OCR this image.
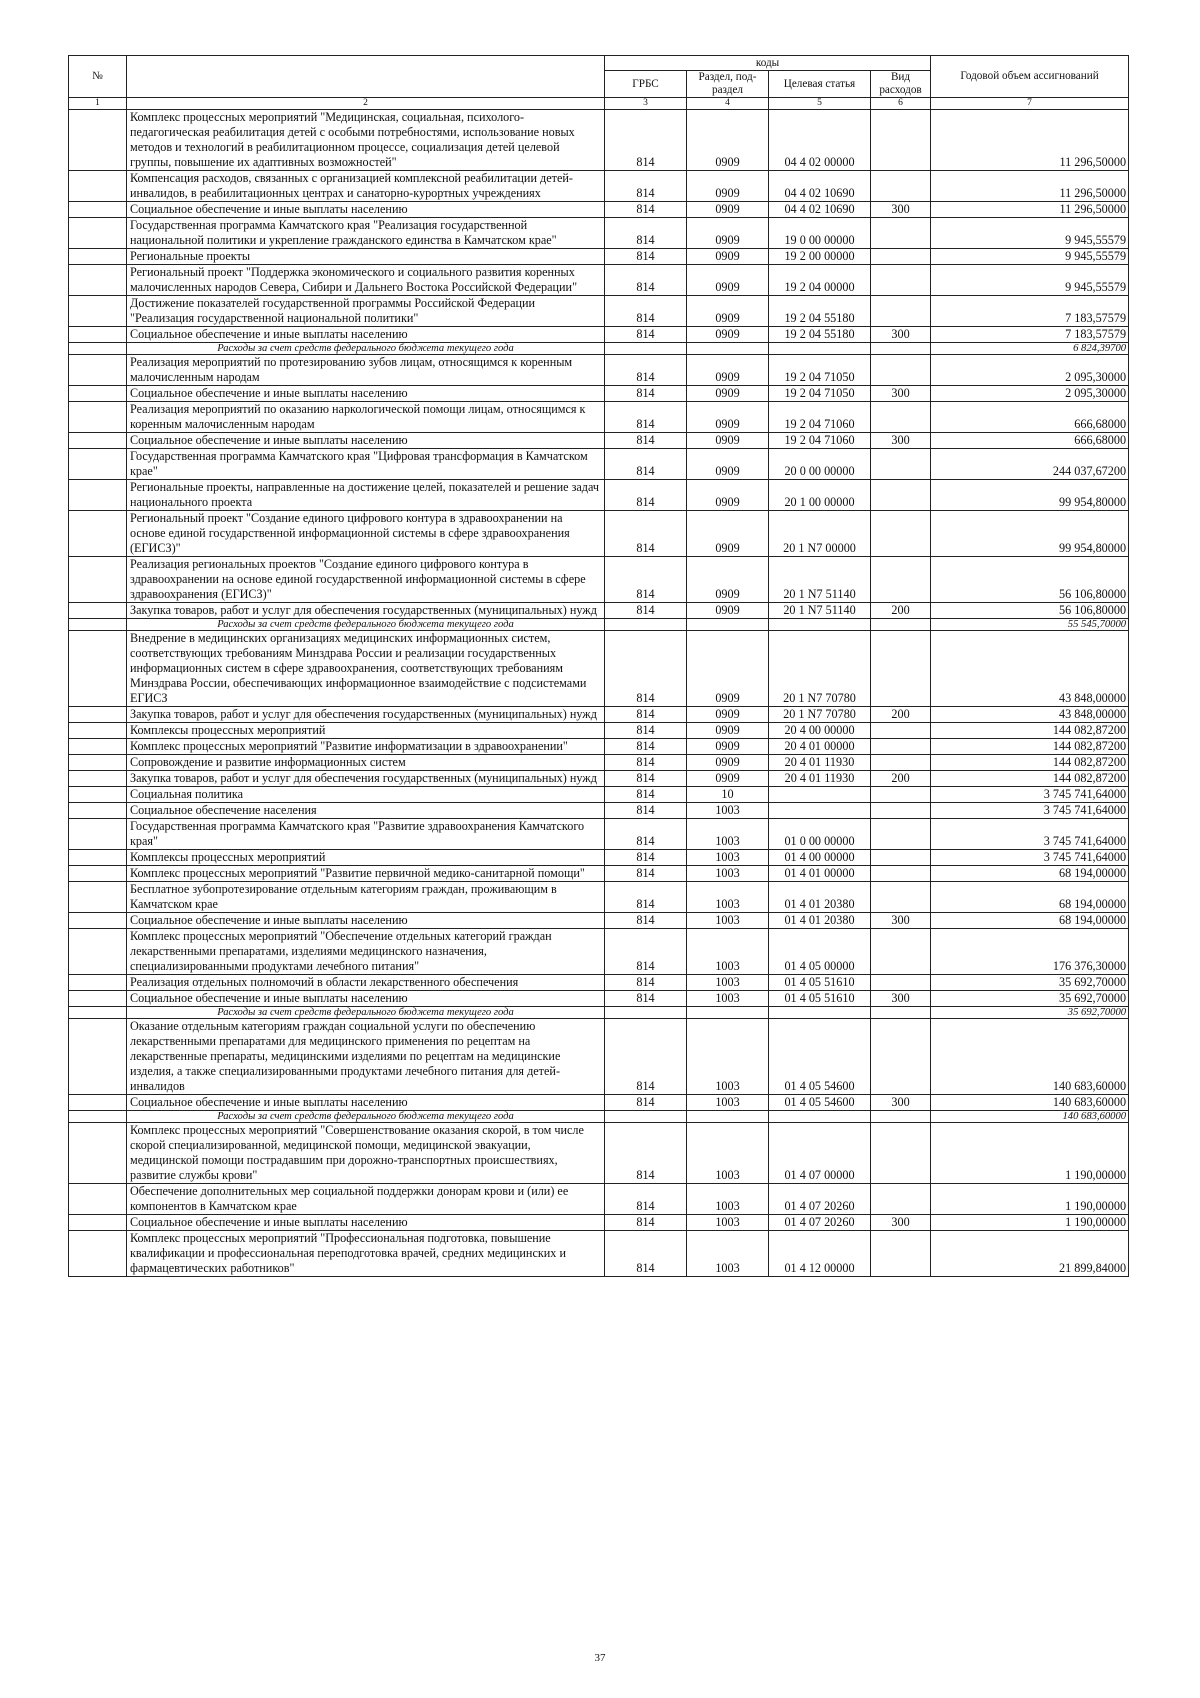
№		коды				Годовой объем ассигнований
		ГРБС	Раздел, под-раздел	Целевая статья	Вид расходов	
1	2	3	4	5	6	7
	Комплекс процессных мероприятий "Медицинская, социальная, психолого-педагогическая реабилитация детей с особыми потребностями, использование новых методов и технологий в реабилитационном процессе, социализация детей целевой группы, повышение их адаптивных возможностей"	814	0909	04 4 02 00000		11 296,50000
	Компенсация расходов, связанных с организацией комплексной реабилитации детей-инвалидов, в реабилитационных центрах и санаторно-курортных учреждениях	814	0909	04 4 02 10690		11 296,50000
	Социальное обеспечение и иные выплаты населению	814	0909	04 4 02 10690	300	11 296,50000
	Государственная программа Камчатского края "Реализация государственной национальной политики и укрепление гражданского единства в Камчатском крае"	814	0909	19 0 00 00000		9 945,55579
	Региональные проекты	814	0909	19 2 00 00000		9 945,55579
	Региональный проект "Поддержка экономического и социального развития коренных малочисленных народов Севера, Сибири и Дальнего Востока Российской Федерации"	814	0909	19 2 04 00000		9 945,55579
	Достижение показателей государственной программы Российской Федерации "Реализация государственной национальной политики"	814	0909	19 2 04 55180		7 183,57579
	Социальное обеспечение и иные выплаты населению	814	0909	19 2 04 55180	300	7 183,57579
	Расходы за счет средств федерального бюджета текущего года					6 824,39700
	Реализация мероприятий по протезированию зубов лицам, относящимся к коренным малочисленным народам	814	0909	19 2 04 71050		2 095,30000
	Социальное обеспечение и иные выплаты населению	814	0909	19 2 04 71050	300	2 095,30000
	Реализация мероприятий по оказанию наркологической помощи лицам, относящимся к коренным малочисленным народам	814	0909	19 2 04 71060		666,68000
	Социальное обеспечение и иные выплаты населению	814	0909	19 2 04 71060	300	666,68000
	Государственная программа Камчатского края "Цифровая трансформация в Камчатском крае"	814	0909	20 0 00 00000		244 037,67200
	Региональные проекты, направленные на достижение целей, показателей и решение задач национального проекта	814	0909	20 1 00 00000		99 954,80000
	Региональный проект "Создание единого цифрового контура в здравоохранении на основе единой государственной информационной системы в сфере здравоохранения (ЕГИСЗ)"	814	0909	20 1 N7 00000		99 954,80000
	Реализация региональных проектов "Создание единого цифрового контура в здравоохранении на основе единой государственной информационной системы в сфере здравоохранения (ЕГИСЗ)"	814	0909	20 1 N7 51140		56 106,80000
	Закупка товаров, работ и услуг для обеспечения государственных (муниципальных) нужд	814	0909	20 1 N7 51140	200	56 106,80000
	Расходы за счет средств федерального бюджета текущего года					55 545,70000
	Внедрение в медицинских организациях медицинских информационных систем, соответствующих требованиям Минздрава России и реализации государственных информационных систем в сфере здравоохранения, соответствующих требованиям Минздрава России, обеспечивающих информационное взаимодействие с подсистемами ЕГИСЗ	814	0909	20 1 N7 70780		43 848,00000
	Закупка товаров, работ и услуг для обеспечения государственных (муниципальных) нужд	814	0909	20 1 N7 70780	200	43 848,00000
	Комплексы процессных мероприятий	814	0909	20 4 00 00000		144 082,87200
	Комплекс процессных мероприятий "Развитие информатизации в здравоохранении"	814	0909	20 4 01 00000		144 082,87200
	Сопровождение и развитие информационных систем	814	0909	20 4 01 11930		144 082,87200
	Закупка товаров, работ и услуг для обеспечения государственных (муниципальных) нужд	814	0909	20 4 01 11930	200	144 082,87200
	Социальная политика	814	10			3 745 741,64000
	Социальное обеспечение населения	814	1003			3 745 741,64000
	Государственная программа Камчатского края "Развитие здравоохранения Камчатского края"	814	1003	01 0 00 00000		3 745 741,64000
	Комплексы процессных мероприятий	814	1003	01 4 00 00000		3 745 741,64000
	Комплекс процессных мероприятий "Развитие первичной медико-санитарной помощи"	814	1003	01 4 01 00000		68 194,00000
	Бесплатное зубопротезирование отдельным категориям граждан, проживающим в Камчатском крае	814	1003	01 4 01 20380		68 194,00000
	Социальное обеспечение и иные выплаты населению	814	1003	01 4 01 20380	300	68 194,00000
	Комплекс процессных мероприятий "Обеспечение отдельных категорий граждан лекарственными препаратами, изделиями медицинского назначения, специализированными продуктами лечебного питания"	814	1003	01 4 05 00000		176 376,30000
	Реализация отдельных полномочий в области лекарственного обеспечения	814	1003	01 4 05 51610		35 692,70000
	Социальное обеспечение и иные выплаты населению	814	1003	01 4 05 51610	300	35 692,70000
	Расходы за счет средств федерального бюджета текущего года					35 692,70000
	Оказание отдельным категориям граждан социальной услуги по обеспечению лекарственными препаратами для медицинского применения по рецептам на лекарственные препараты, медицинскими изделиями по рецептам на медицинские изделия, а также специализированными продуктами лечебного питания для детей-инвалидов	814	1003	01 4 05 54600		140 683,60000
	Социальное обеспечение и иные выплаты населению	814	1003	01 4 05 54600	300	140 683,60000
	Расходы за счет средств федерального бюджета текущего года					140 683,60000
	Комплекс процессных мероприятий "Совершенствование оказания скорой, в том числе скорой специализированной, медицинской помощи, медицинской эвакуации, медицинской помощи пострадавшим при дорожно-транспортных происшествиях, развитие службы крови"	814	1003	01 4 07 00000		1 190,00000
	Обеспечение дополнительных мер социальной поддержки донорам крови и (или) ее компонентов в Камчатском крае	814	1003	01 4 07 20260		1 190,00000
	Социальное обеспечение и иные выплаты населению	814	1003	01 4 07 20260	300	1 190,00000
	Комплекс процессных мероприятий "Профессиональная подготовка, повышение квалификации и профессиональная переподготовка врачей, средних медицинских и фармацевтических работников"	814	1003	01 4 12 00000		21 899,84000
37
